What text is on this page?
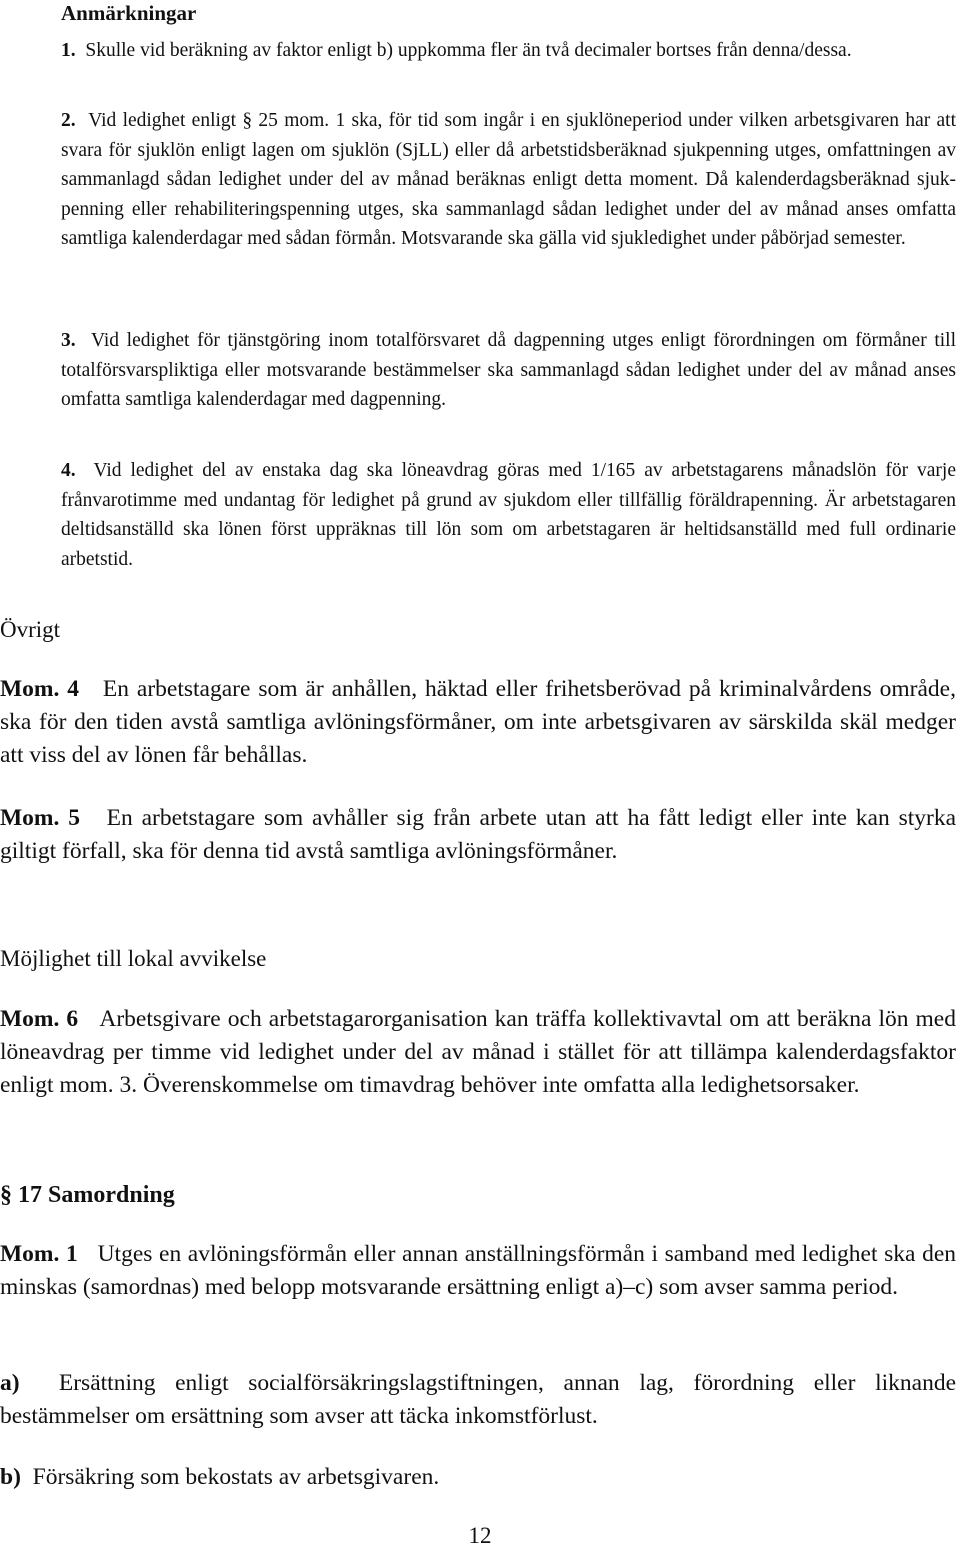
Anmärkningar

1. Skulle vid beräkning av faktor enligt b) uppkomma fler än två decimaler bortses från denna/dessa.

2. Vid ledighet enligt § 25 mom. 1 ska, för tid som ingår i en sjuklöneperiod under vilken arbetsgivaren har att svara för sjuklön enligt lagen om sjuklön (SjLL) eller då arbetstidsberäknad sjukpenning utges, omfattningen av sammanlagd sådan ledighet under del av månad beräknas enligt detta moment. Då kalenderdagsberäknad sjukpenning eller rehabiliteringspenning utges, ska sammanlagd sådan ledighet under del av månad anses omfatta samtliga kalenderdagar med sådan förmån. Motsvarande ska gälla vid sjukledighet under påbörjad semester.

3. Vid ledighet för tjänstgöring inom totalförsvaret då dagpenning utges enligt förordningen om förmåner till totalförsvarspliktiga eller motsvarande bestämmelser ska sammanlagd sådan ledighet under del av månad anses omfatta samtliga kalenderdagar med dagpenning.

4. Vid ledighet del av enstaka dag ska löneavdrag göras med 1/165 av arbetstagarens månadslön för varje frånvarotimme med undantag för ledighet på grund av sjukdom eller tillfällig föräldrapenning. Är arbetstagaren deltidsanställd ska lönen först uppräknas till lön som om arbetstagaren är heltidsanställd med full ordinarie arbetstid.

Övrigt

Mom. 4 En arbetstagare som är anhållen, häktad eller frihetsberövad på kriminalvårdens område, ska för den tiden avstå samtliga avlöningsförmåner, om inte arbetsgivaren av särskilda skäl medger att viss del av lönen får behållas.

Mom. 5 En arbetstagare som avhåller sig från arbete utan att ha fått ledigt eller inte kan styrka giltigt förfall, ska för denna tid avstå samtliga avlöningsförmåner.

Möjlighet till lokal avvikelse

Mom. 6 Arbetsgivare och arbetstagarorganisation kan träffa kollektivavtal om att beräkna lön med löneavdrag per timme vid ledighet under del av månad i stället för att tillämpa kalenderdagsfaktor enligt mom. 3. Överenskommelse om timavdrag behöver inte omfatta alla ledighetsorsaker.

§ 17 Samordning

Mom. 1 Utges en avlöningsförmån eller annan anställningsförmån i samband med ledighet ska den minskas (samordnas) med belopp motsvarande ersättning enligt a)–c) som avser samma period.

a) Ersättning enligt socialförsäkringslagstiftningen, annan lag, förordning eller liknande bestämmelser om ersättning som avser att täcka inkomstförlust.

b) Försäkring som bekostats av arbetsgivaren.

12
